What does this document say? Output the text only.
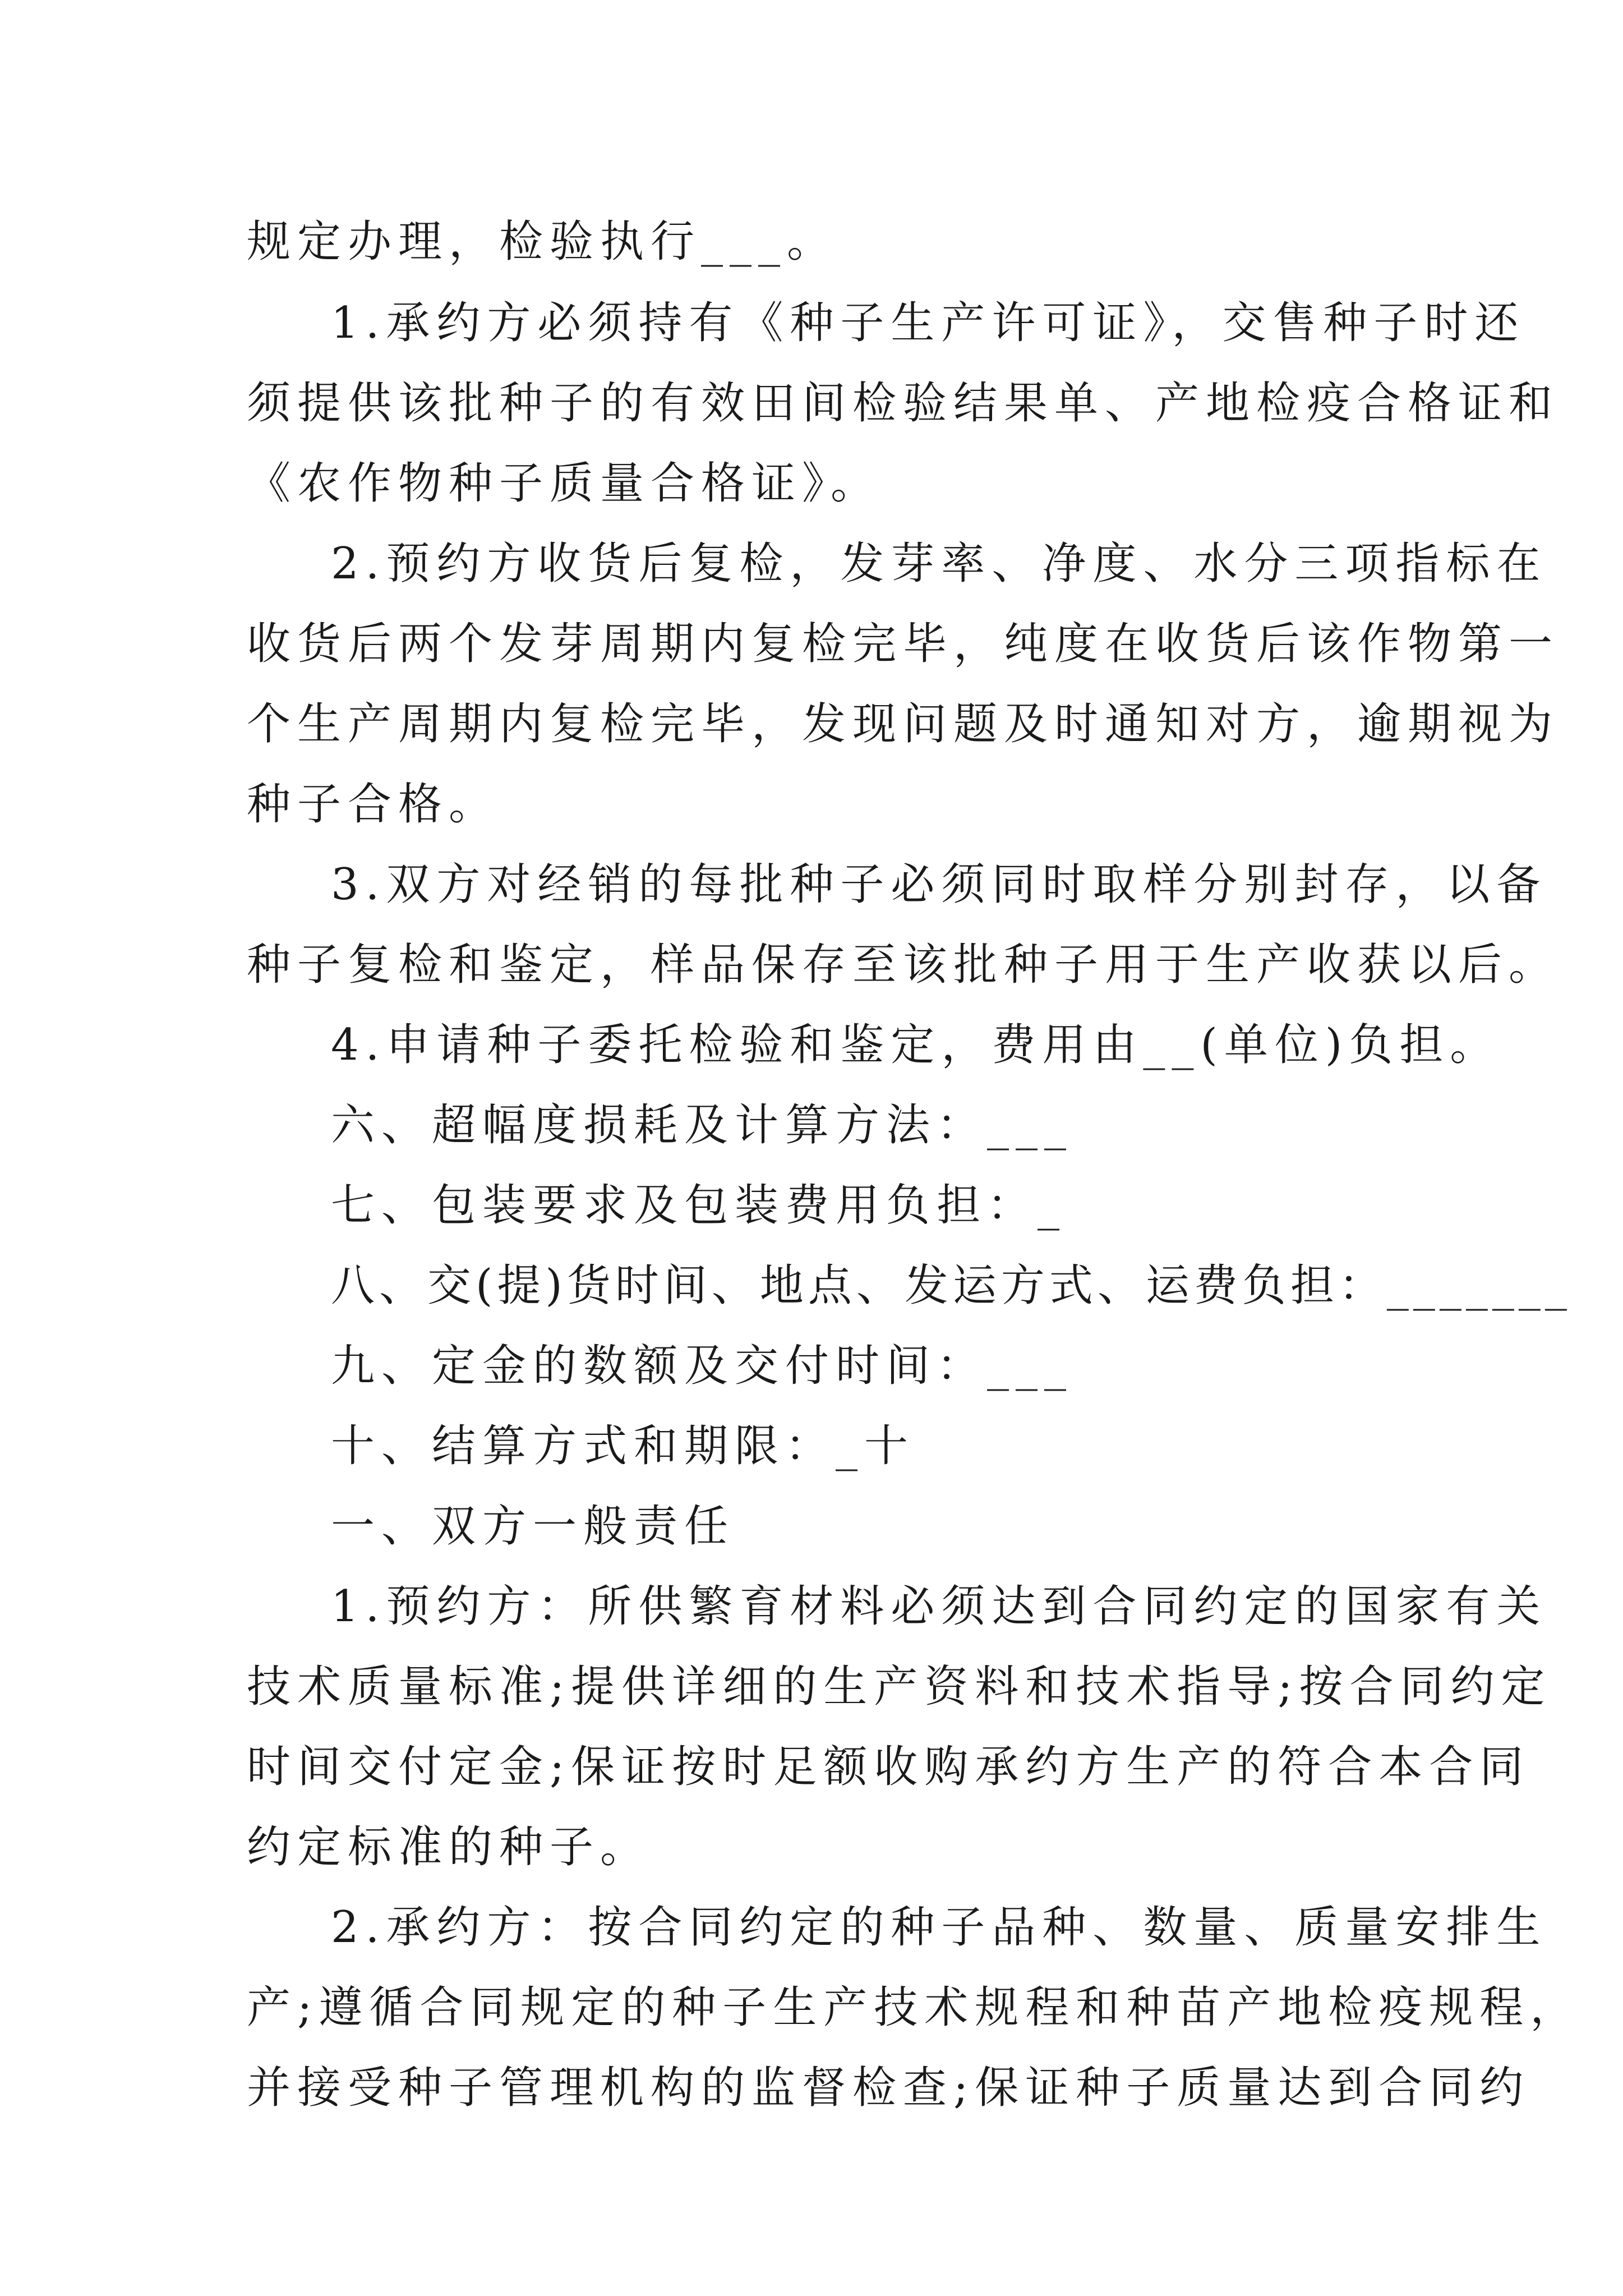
规定办理，检验执行___。

1.承约方必须持有《种子生产许可证》，交售种子时还

须提供该批种子的有效田间检验结果单、产地检疫合格证和

《农作物种子质量合格证》。

2.预约方收货后复检，发芽率、净度、水分三项指标在

收货后两个发芽周期内复检完毕，纯度在收货后该作物第一

个生产周期内复检完毕，发现问题及时通知对方，逾期视为

种子合格。

3.双方对经销的每批种子必须同时取样分别封存，以备

种子复检和鉴定，样品保存至该批种子用于生产收获以后。

4.申请种子委托检验和鉴定，费用由__(单位)负担。

六、超幅度损耗及计算方法：___

七、包装要求及包装费用负担：_

八、交(提)货时间、地点、发运方式、运费负担：_______

九、定金的数额及交付时间：___

十、结算方式和期限：_十

一、双方一般责任

1.预约方：所供繁育材料必须达到合同约定的国家有关

技术质量标准;提供详细的生产资料和技术指导;按合同约定

时间交付定金;保证按时足额收购承约方生产的符合本合同

约定标准的种子。

2.承约方：按合同约定的种子品种、数量、质量安排生

产;遵循合同规定的种子生产技术规程和种苗产地检疫规程，

并接受种子管理机构的监督检查;保证种子质量达到合同约
